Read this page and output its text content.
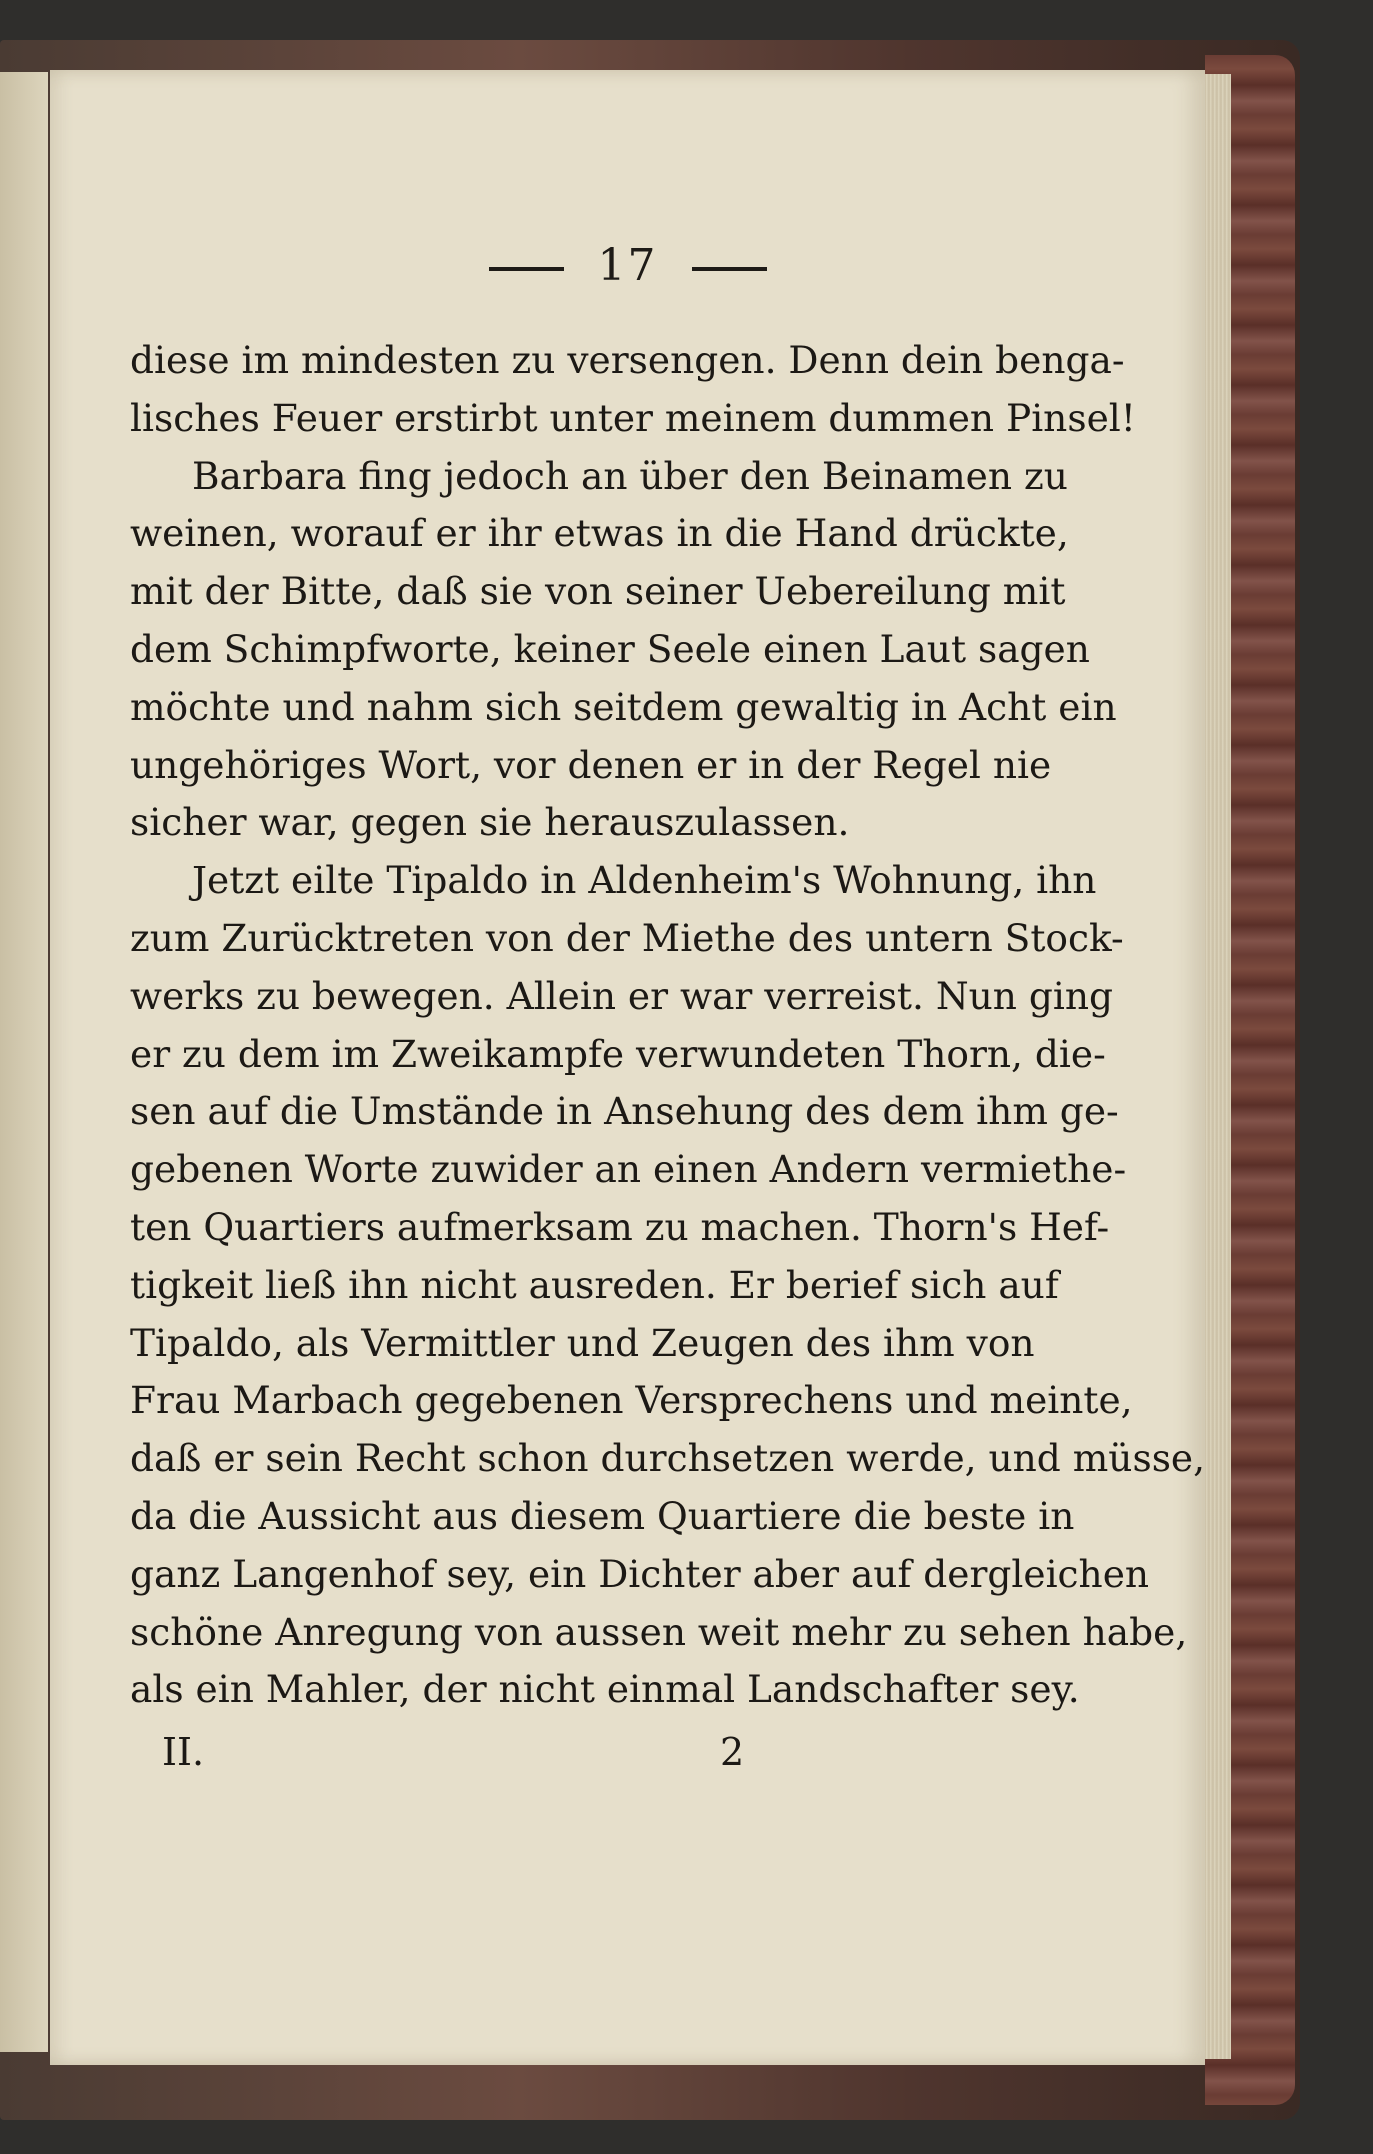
17
diese im mindesten zu versengen. Denn dein benga-
lisches Feuer erstirbt unter meinem dummen Pinsel!
Barbara fing jedoch an über den Beinamen zu
weinen, worauf er ihr etwas in die Hand drückte,
mit der Bitte, daß sie von seiner Uebereilung mit
dem Schimpfworte, keiner Seele einen Laut sagen
möchte und nahm sich seitdem gewaltig in Acht ein
ungehöriges Wort, vor denen er in der Regel nie
sicher war, gegen sie herauszulassen.
Jetzt eilte Tipaldo in Aldenheim's Wohnung, ihn
zum Zurücktreten von der Miethe des untern Stock-
werks zu bewegen. Allein er war verreist. Nun ging
er zu dem im Zweikampfe verwundeten Thorn, die-
sen auf die Umstände in Ansehung des dem ihm ge-
gebenen Worte zuwider an einen Andern vermiethe-
ten Quartiers aufmerksam zu machen. Thorn's Hef-
tigkeit ließ ihn nicht ausreden. Er berief sich auf
Tipaldo, als Vermittler und Zeugen des ihm von
Frau Marbach gegebenen Versprechens und meinte,
daß er sein Recht schon durchsetzen werde, und müsse,
da die Aussicht aus diesem Quartiere die beste in
ganz Langenhof sey, ein Dichter aber auf dergleichen
schöne Anregung von aussen weit mehr zu sehen habe,
als ein Mahler, der nicht einmal Landschafter sey.
II.	2
